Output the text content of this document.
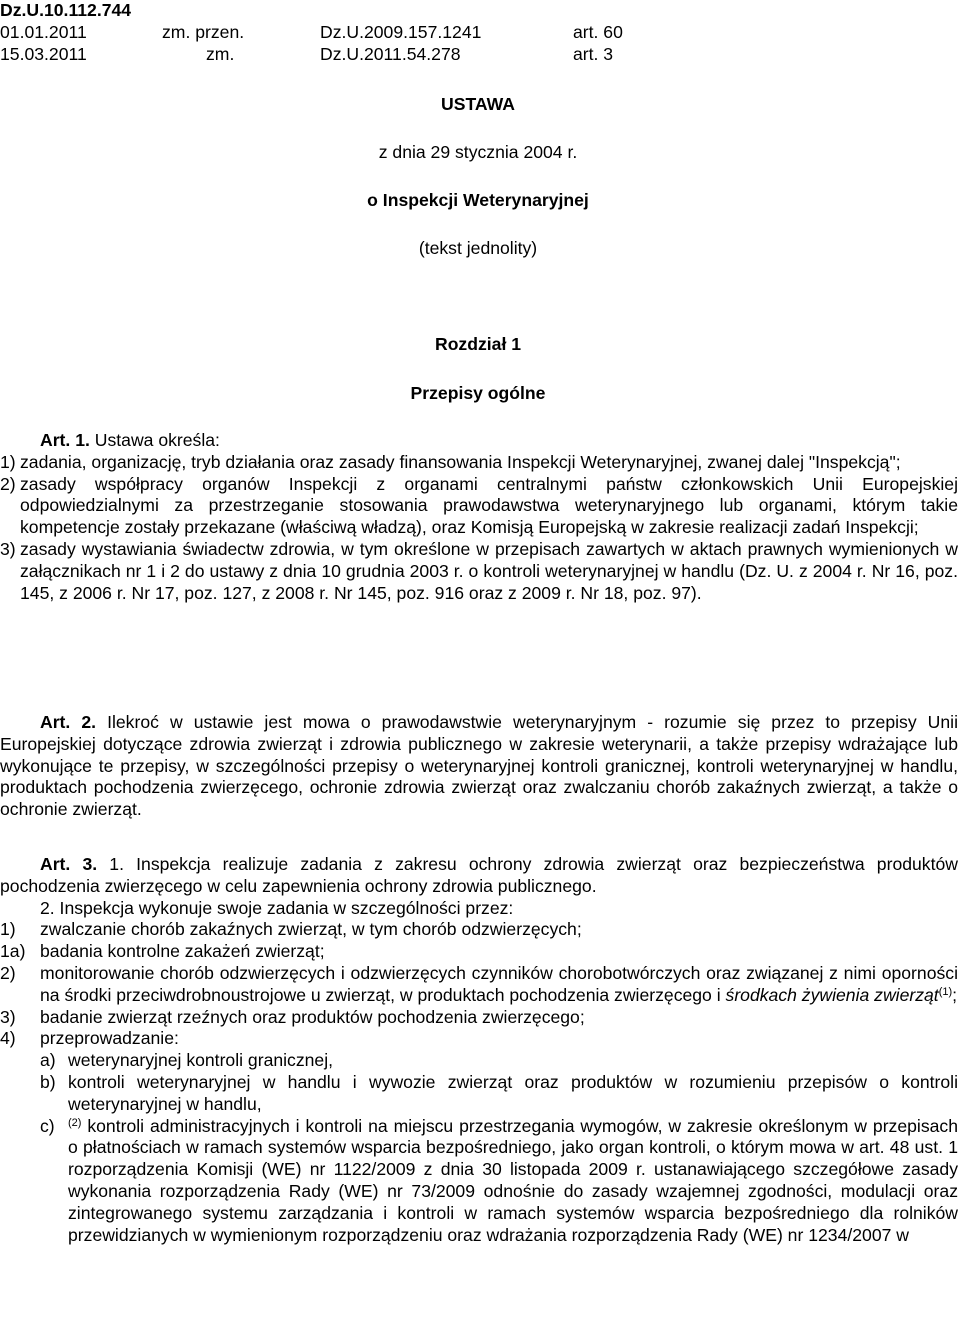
Dz.U.10.112.744
01.01.2011	zm. przen.	Dz.U.2009.157.1241	art. 60
15.03.2011	zm.	Dz.U.2011.54.278	art. 3
USTAWA
z dnia 29 stycznia 2004 r.
o Inspekcji Weterynaryjnej
(tekst jednolity)
Rozdział 1
Przepisy ogólne

Art. 1. Ustawa określa:

1) zadania, organizację, tryb działania oraz zasady finansowania Inspekcji Weterynaryjnej, zwanej dalej "Inspekcją";
2) zasady współpracy organów Inspekcji z organami centralnymi państw członkowskich Unii Europejskiej odpowiedzialnymi za przestrzeganie stosowania prawodawstwa weterynaryjnego lub organami, którym takie kompetencje zostały przekazane (właściwą władzą), oraz Komisją Europejską w zakresie realizacji zadań Inspekcji;
3) zasady wystawiania świadectw zdrowia, w tym określone w przepisach zawartych w aktach prawnych wymienionych w załącznikach nr 1 i 2 do ustawy z dnia 10 grudnia 2003 r. o kontroli weterynaryjnej w handlu (Dz. U. z 2004 r. Nr 16, poz. 145, z 2006 r. Nr 17, poz. 127, z 2008 r. Nr 145, poz. 916 oraz z 2009 r. Nr 18, poz. 97).
Art. 2. Ilekroć w ustawie jest mowa o prawodawstwie weterynaryjnym - rozumie się przez to przepisy Unii Europejskiej dotyczące zdrowia zwierząt i zdrowia publicznego w zakresie weterynarii, a także przepisy wdrażające lub wykonujące te przepisy, w szczególności przepisy o weterynaryjnej kontroli granicznej, kontroli weterynaryjnej w handlu, produktach pochodzenia zwierzęcego, ochronie zdrowia zwierząt oraz zwalczaniu chorób zakaźnych zwierząt, a także o ochronie zwierząt.

Art. 3. 1. Inspekcja realizuje zadania z zakresu ochrony zdrowia zwierząt oraz bezpieczeństwa produktów pochodzenia zwierzęcego w celu zapewnienia ochrony zdrowia publicznego.

2. Inspekcja wykonuje swoje zadania w szczególności przez:

1) zwalczanie chorób zakaźnych zwierząt, w tym chorób odzwierzęcych;
1a) badania kontrolne zakażeń zwierząt;
2) monitorowanie chorób odzwierzęcych i odzwierzęcych czynników chorobotwórczych oraz związanej z nimi oporności na środki przeciwdrobnoustrojowe u zwierząt, w produktach pochodzenia zwierzęcego i środkach żywienia zwierząt$^{(1)}$;
3) badanie zwierząt rzeźnych oraz produktów pochodzenia zwierzęcego;
4) przeprowadzanie:
a) weterynaryjnej kontroli granicznej,
b) kontroli weterynaryjnej w handlu i wywozie zwierząt oraz produktów w rozumieniu przepisów o kontroli weterynaryjnej w handlu,
c) $^{(2)}$ kontroli administracyjnych i kontroli na miejscu przestrzegania wymogów, w zakresie określonym w przepisach o płatnościach w ramach systemów wsparcia bezpośredniego, jako organ kontroli, o którym mowa w art. 48 ust. 1 rozporządzenia Komisji (WE) nr 1122/2009 z dnia 30 listopada 2009 r. ustanawiającego szczegółowe zasady wykonania rozporządzenia Rady (WE) nr 73/2009 odnośnie do zasady wzajemnej zgodności, modulacji oraz zintegrowanego systemu zarządzania i kontroli w ramach systemów wsparcia bezpośredniego dla rolników przewidzianych w wymienionym rozporządzeniu oraz wdrażania rozporządzenia Rady (WE) nr 1234/2007 w
